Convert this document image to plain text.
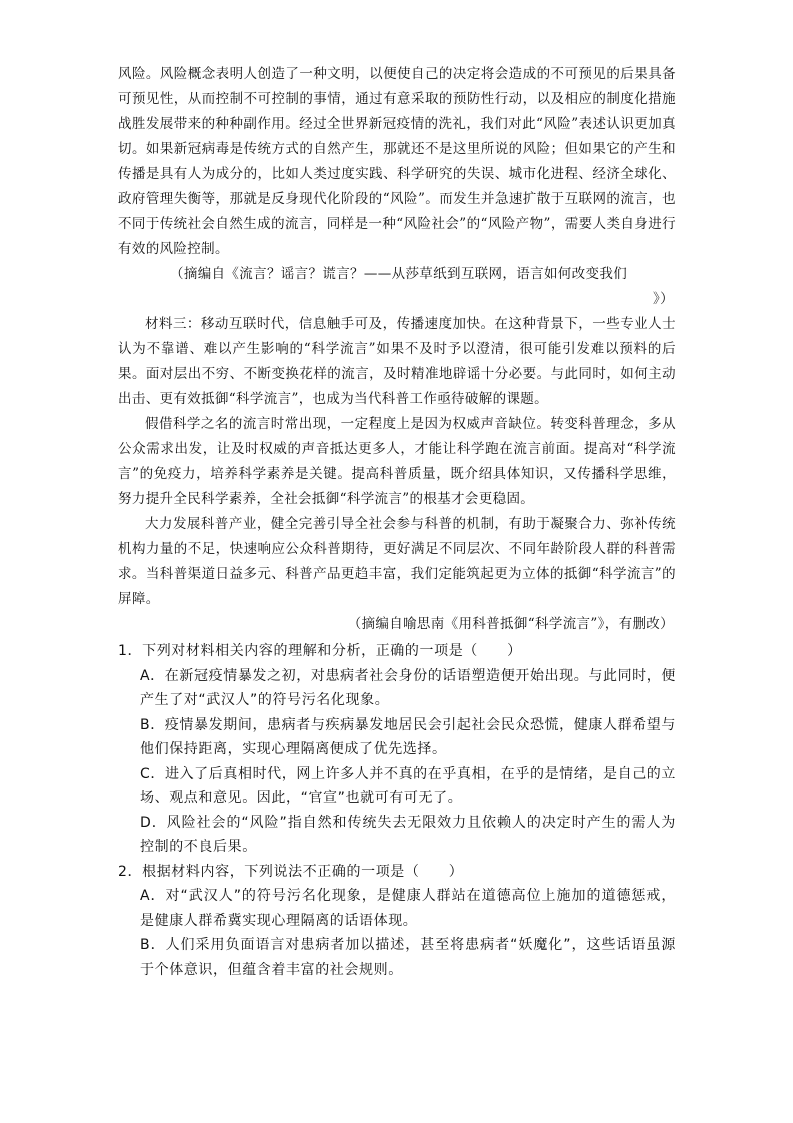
风险。风险概念表明人创造了一种文明，以便使自己的决定将会造成的不可预见的后果具备可预见性，从而控制不可控制的事情，通过有意采取的预防性行动，以及相应的制度化措施战胜发展带来的种种副作用。经过全世界新冠疫情的洗礼，我们对此“风险”表述认识更加真切。如果新冠病毒是传统方式的自然产生，那就还不是这里所说的风险；但如果它的产生和传播是具有人为成分的，比如人类过度实践、科学研究的失误、城市化进程、经济全球化、政府管理失衡等，那就是反身现代化阶段的“风险”。而发生并急速扩散于互联网的流言，也不同于传统社会自然生成的流言，同样是一种“风险社会”的“风险产物”，需要人类自身进行有效的风险控制。

（摘编自《流言？谣言？谎言？——从莎草纸到互联网，语言如何改变我们

》）

材料三：移动互联时代，信息触手可及，传播速度加快。在这种背景下，一些专业人士认为不靠谱、难以产生影响的“科学流言”如果不及时予以澄清，很可能引发难以预料的后果。面对层出不穷、不断变换花样的流言，及时精准地辟谣十分必要。与此同时，如何主动出击、更有效抵御“科学流言”，也成为当代科普工作亟待破解的课题。

假借科学之名的流言时常出现，一定程度上是因为权威声音缺位。转变科普理念，多从公众需求出发，让及时权威的声音抵达更多人，才能让科学跑在流言前面。提高对“科学流言”的免疫力，培养科学素养是关键。提高科普质量，既介绍具体知识，又传播科学思维，努力提升全民科学素养，全社会抵御“科学流言”的根基才会更稳固。

大力发展科普产业，健全完善引导全社会参与科普的机制，有助于凝聚合力、弥补传统机构力量的不足，快速响应公众科普期待，更好满足不同层次、不同年龄阶段人群的科普需求。当科普渠道日益多元、科普产品更趋丰富，我们定能筑起更为立体的抵御“科学流言”的屏障。

（摘编自喻思南《用科普抵御“科学流言”》，有删改）

1．下列对材料相关内容的理解和分析，正确的一项是（　　）

A．在新冠疫情暴发之初，对患病者社会身份的话语塑造便开始出现。与此同时，便产生了对“武汉人”的符号污名化现象。

B．疫情暴发期间，患病者与疾病暴发地居民会引起社会民众恐慌，健康人群希望与他们保持距离，实现心理隔离便成了优先选择。

C．进入了后真相时代，网上许多人并不真的在乎真相，在乎的是情绪，是自己的立场、观点和意见。因此，“官宣”也就可有可无了。

D．风险社会的“风险”指自然和传统失去无限效力且依赖人的决定时产生的需人为控制的不良后果。

2．根据材料内容，下列说法不正确的一项是（　　）

A．对“武汉人”的符号污名化现象，是健康人群站在道德高位上施加的道德惩戒，是健康人群希冀实现心理隔离的话语体现。

B．人们采用负面语言对患病者加以描述，甚至将患病者“妖魔化”，这些话语虽源于个体意识，但蕴含着丰富的社会规则。
